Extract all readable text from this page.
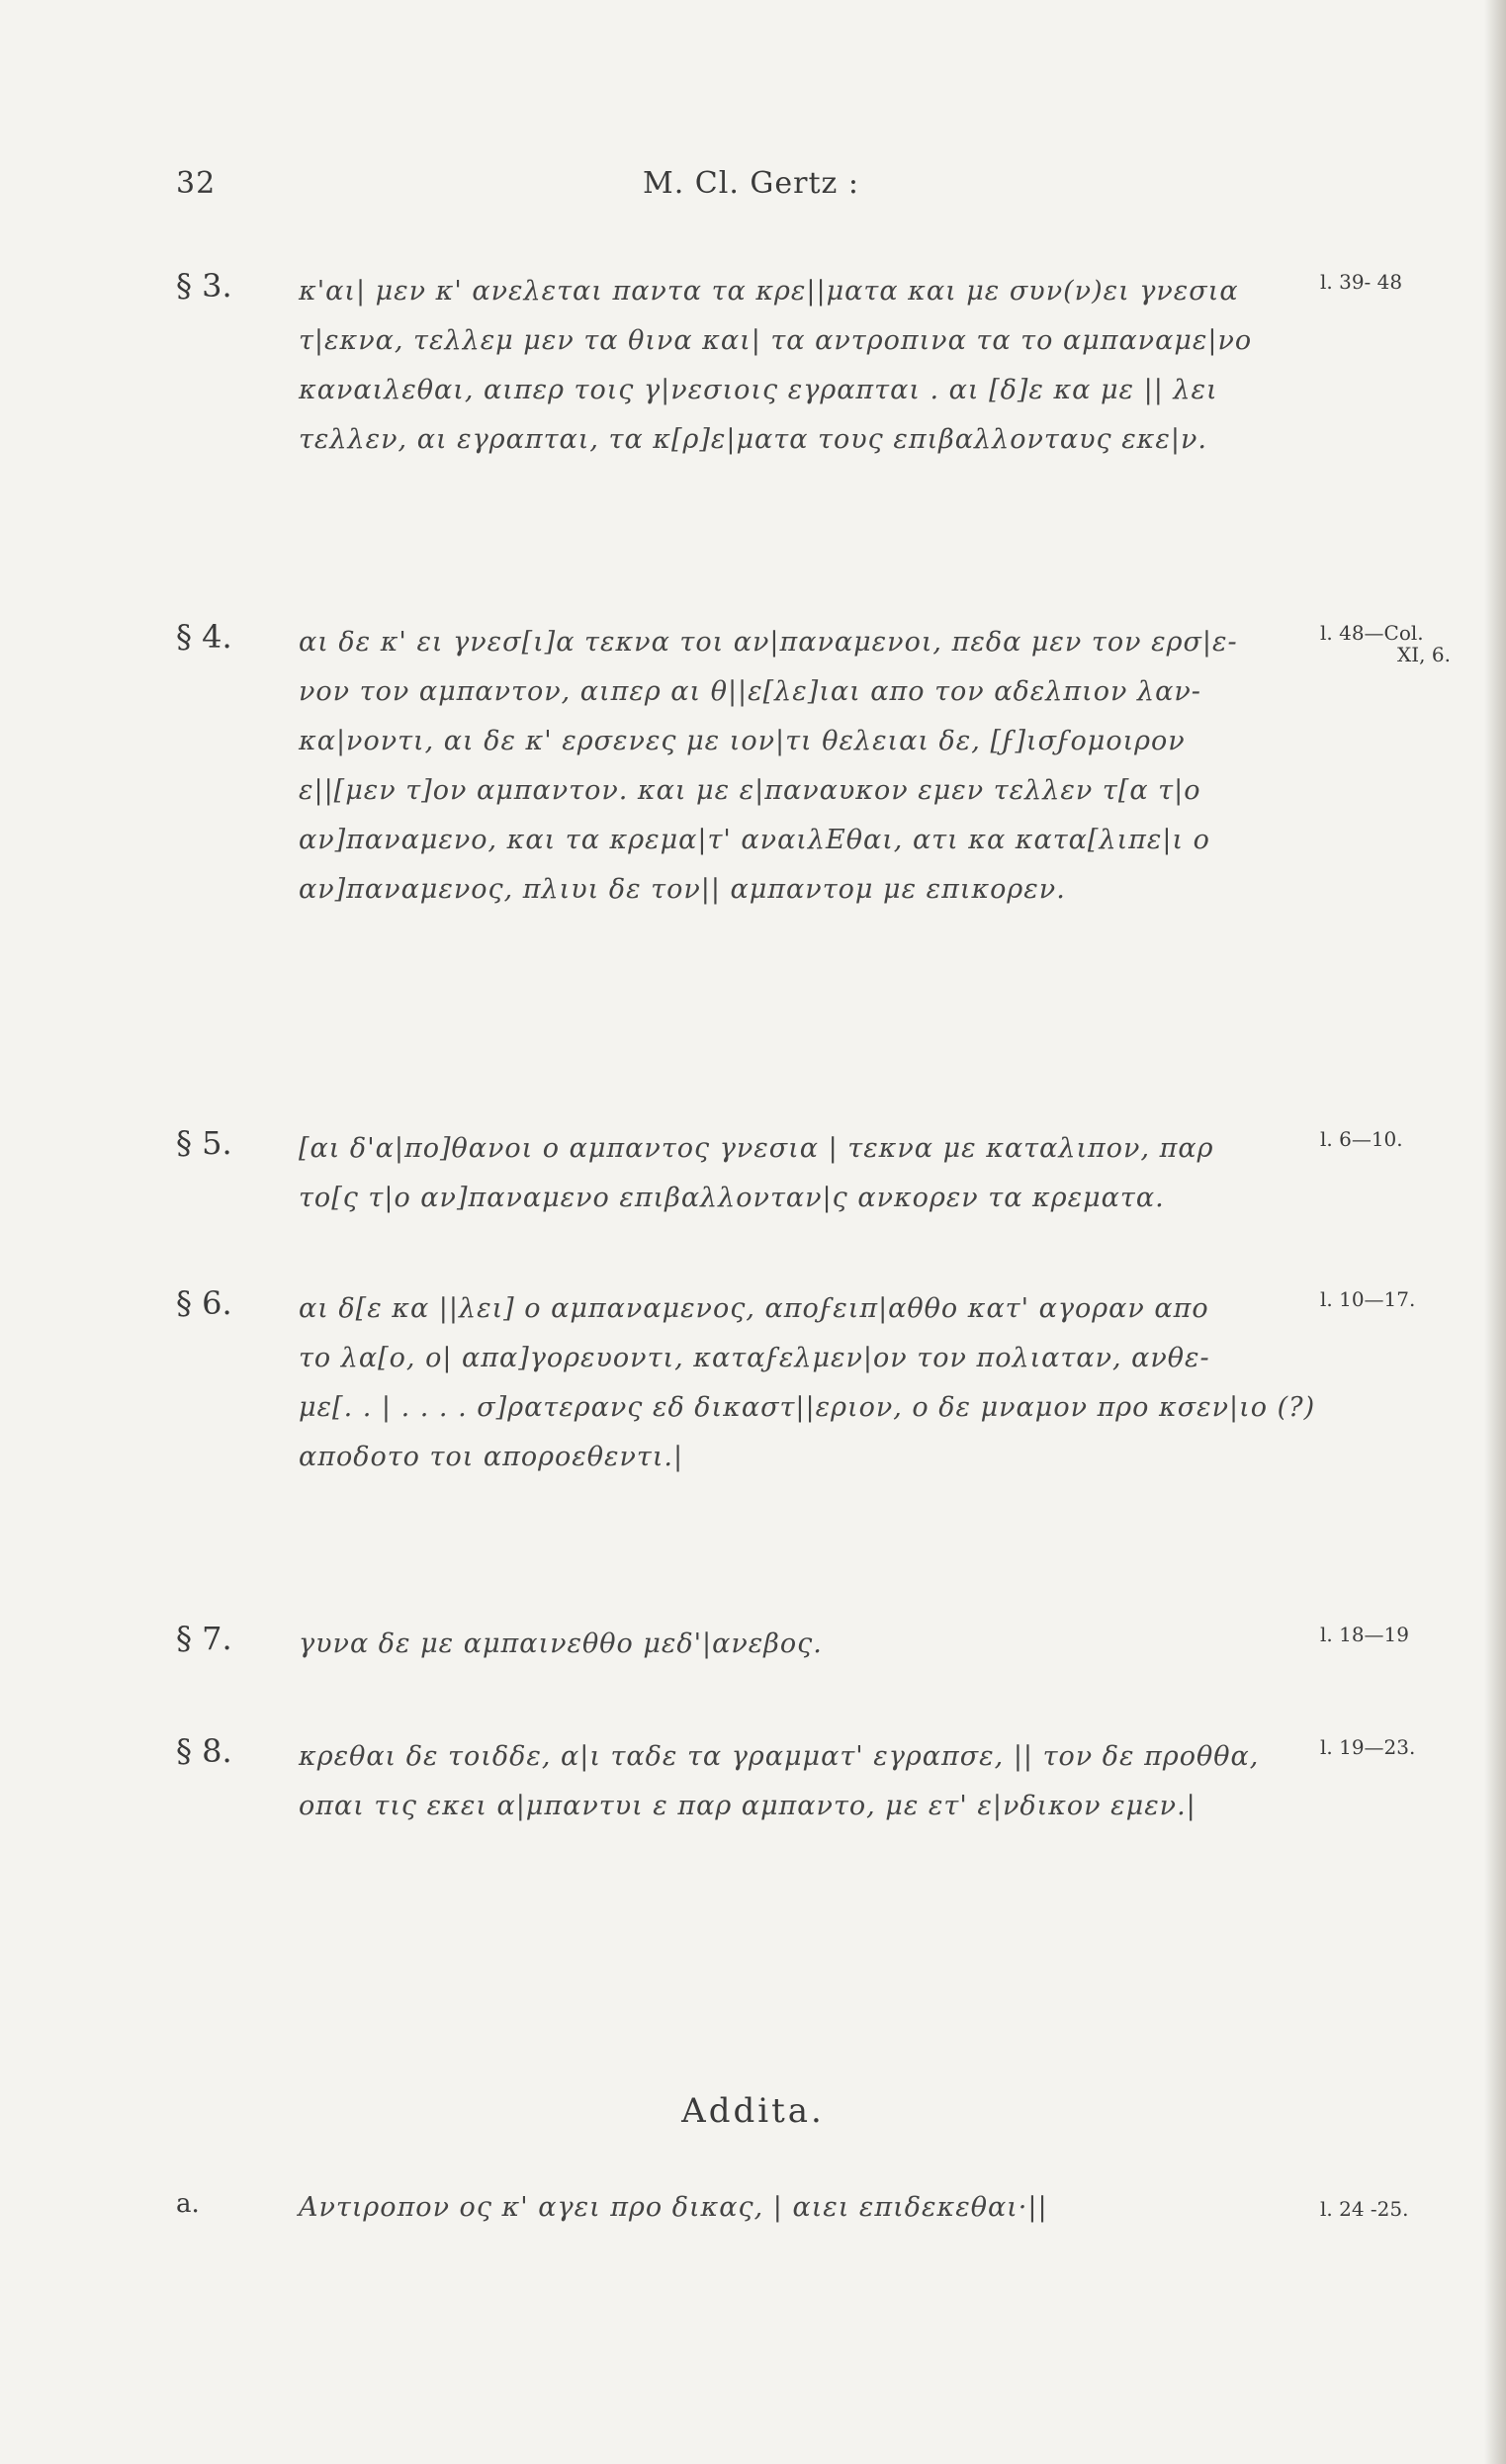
32	M. Cl. Gertz :
§ 3. κ'αι| μεν κ' ανελεται παντα τα κρε||ματα και με συν(ν)ει γνεσια
τ|εκνα, τελλεμ μεν τα θινα και| τα αντροπινα τα το αμπαναμε|νο
καναιλεθαι, αιπερ τοις γ|νεσιοις εγραπται . αι [δ]ε κα με || λει
τελλεν, αι εγραπται, τα κ[ρ]ε|ματα τους επιβαλλονταυς εκε|ν.
l. 39- 48
§ 4. αι δε κ' ει γνεσ[ι]α τεκνα τοι αν|παναμενοι, πεδα μεν τον ερσ|ε-
νον τον αμπαντον, αιπερ αι θ||ε[λε]ιαι απο τον αδελπιον λαν-
κα|νοντι, αι δε κ' ερσενες με ιον|τι θελειαι δε, [ϝ]ισϝομοιρον
ε||[μεν τ]ον αμπαντον. και με ε|παναυκον εμεν τελλεν τ[α τ|ο
αν]παναμενο, και τα κρεμα|τ' αναιλΕθαι, ατι κα κατα[λιπε|ι ο
αν]παναμενος, πλιυι δε τον|| αμπαντομ με επικορεν.
l. 48—Col.
XI, 6.
§ 5. [αι δ'α|πο]θανοι ο αμπαντος γνεσια | τεκνα με καταλιπον, παρ
το[ς τ|ο αν]παναμενο επιβαλλονταν|ς ανκορεν τα κρεματα.
l. 6—10.
§ 6. αι δ[ε κα ||λει] ο αμπαναμενος, αποϝειπ|αθθο κατ' αγοραν απο
το λα[ο, ο| απα]γορευοντι, καταϝελμεν|ον τον πολιαταν, ανθε-
με[. . | . . . . σ]ρατερανς εδ δικαστ||εριον, ο δε μναμον προ κσεν|ιο (?)
αποδοτο τοι αποροεθεντι.|
l. 10—17.
§ 7. γυνα δε με αμπαινεθθο μεδ'|ανεβος.	l. 18—19
§ 8. κρεθαι δε τοιδδε, α|ι ταδε τα γραμματ' εγραπσε, || τον δε προθθα,
οπαι τις εκει α|μπαντυι ε παρ αμπαντο, με ετ' ε|νδικον εμεν.|
l. 19—23.
Addita.
a.	Αντιροπον ος κ' αγει προ δικας, | αιει επιδεκεθαι·||	l. 24 -25.
